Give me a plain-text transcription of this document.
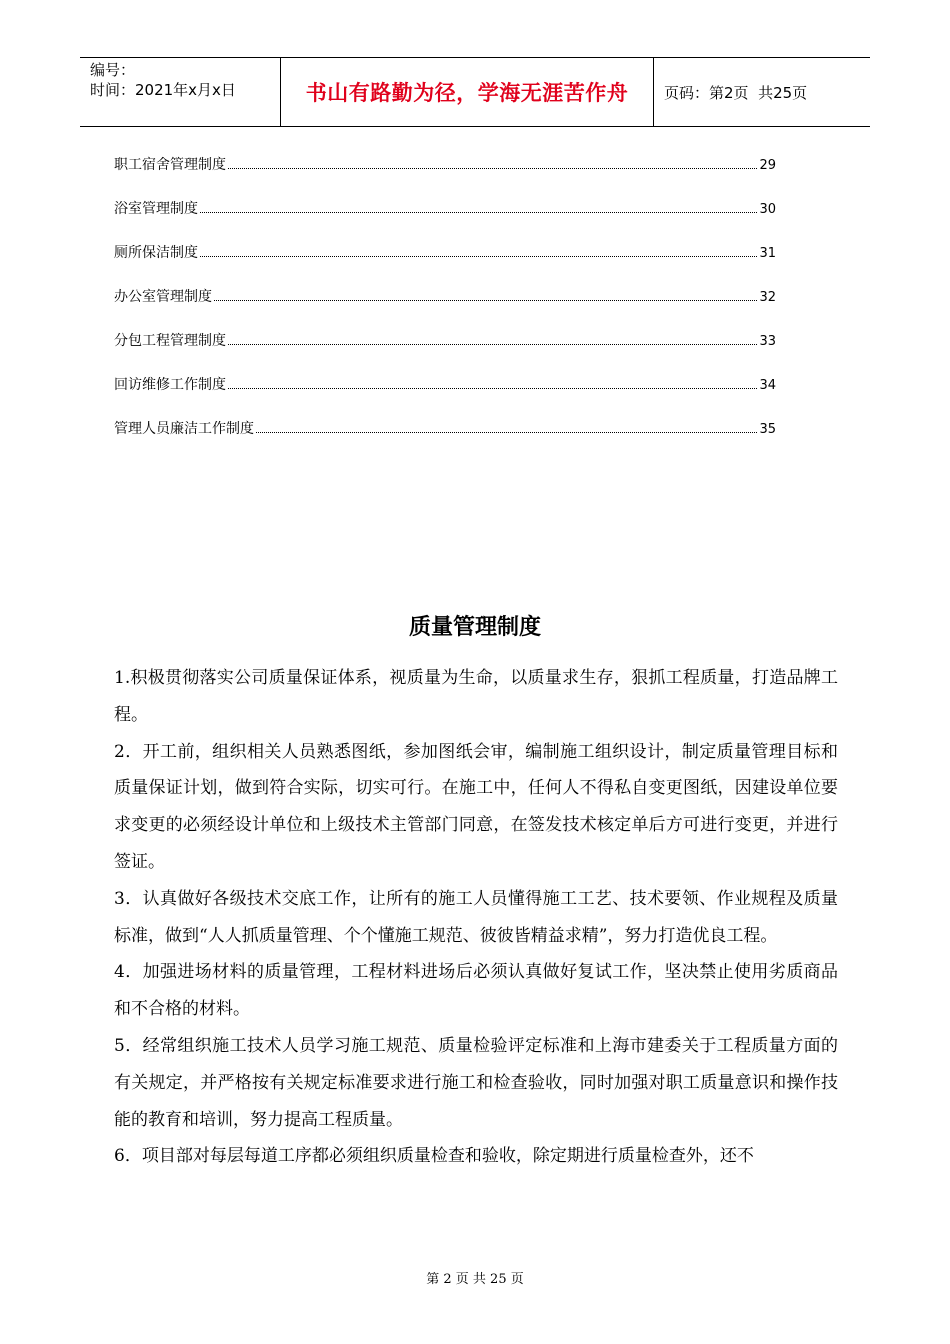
编号：
时间：2021年x月x日	书山有路勤为径，学海无涯苦作舟 页码：第2页  共25页
职工宿舍管理制度	29
浴室管理制度	30
厕所保洁制度	31
办公室管理制度	32
分包工程管理制度	33
回访维修工作制度	34
管理人员廉洁工作制度	35
质量管理制度

1.积极贯彻落实公司质量保证体系，视质量为生命，以质量求生存，狠抓工程质量，打造品牌工程。

2．开工前，组织相关人员熟悉图纸，参加图纸会审，编制施工组织设计，制定质量管理目标和质量保证计划，做到符合实际，切实可行。在施工中，任何人不得私自变更图纸，因建设单位要求变更的必须经设计单位和上级技术主管部门同意，在签发技术核定单后方可进行变更，并进行签证。

3．认真做好各级技术交底工作，让所有的施工人员懂得施工工艺、技术要领、作业规程及质量标准，做到“人人抓质量管理、个个懂施工规范、彼彼皆精益求精”，努力打造优良工程。

4．加强进场材料的质量管理，工程材料进场后必须认真做好复试工作，坚决禁止使用劣质商品和不合格的材料。

5．经常组织施工技术人员学习施工规范、质量检验评定标准和上海市建委关于工程质量方面的有关规定，并严格按有关规定标准要求进行施工和检查验收，同时加强对职工质量意识和操作技能的教育和培训，努力提高工程质量。

6．项目部对每层每道工序都必须组织质量检查和验收，除定期进行质量检查外，还不

第 2 页 共 25 页
